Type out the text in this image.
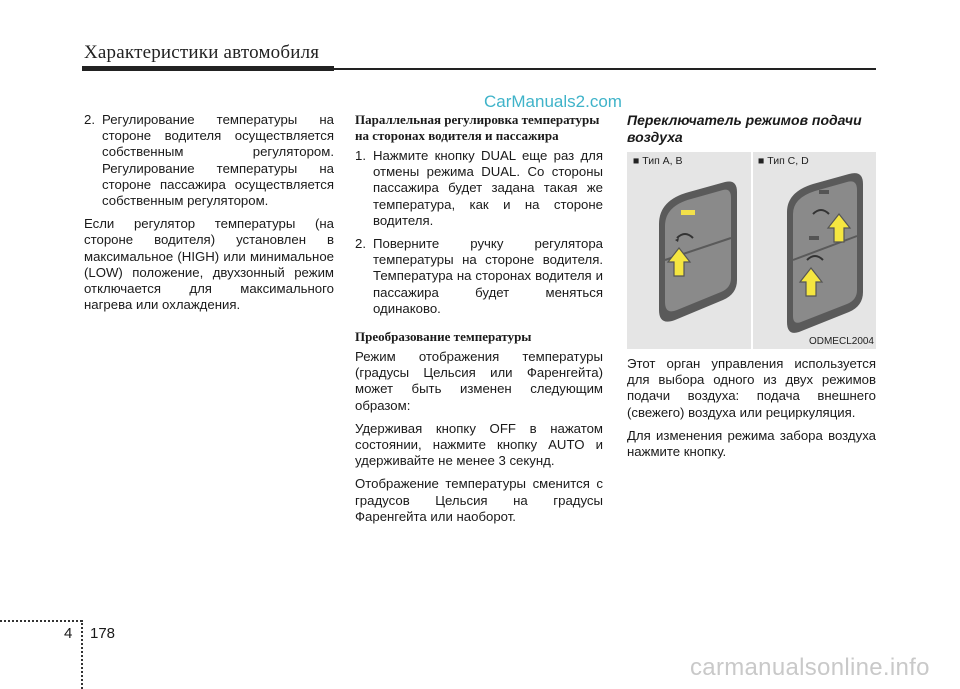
Характеристики автомобиля
CarManuals2.com
2. Регулирование температуры на стороне водителя осуществляется собственным регулятором. Регулирование температуры на стороне пассажира осуществляется собственным регулятором.

Если регулятор температуры (на стороне водителя) установлен в максимальное (HIGH) или минимальное (LOW) положение, двухзонный режим отключается для максимального нагрева или охлаждения.

Параллельная регулировка температуры на сторонах водителя и пассажира
1. Нажмите кнопку DUAL еще раз для отмены режима DUAL. Со стороны пассажира будет задана такая же температура, как и на стороне водителя.
2. Поверните ручку регулятора температуры на стороне водителя. Температура на сторонах водителя и пассажира будет меняться одинаково.
Преобразование температуры

Режим отображения температуры (градусы Цельсия или Фаренгейта) может быть изменен следующим образом:

Удерживая кнопку OFF в нажатом состоянии, нажмите кнопку AUTO и удерживайте не менее 3 секунд.

Отображение температуры сменится с градусов Цельсия на градусы Фаренгейта или наоборот.

Переключатель режимов подачи воздуха
■ Тип A, B	■ Тип C, D
ODMECL2004

Этот орган управления используется для выбора одного из двух режимов подачи воздуха: подача внешнего (свежего) воздуха или рециркуляция.

Для изменения режима забора воздуха нажмите кнопку.

4 178
carmanualsonline.info
